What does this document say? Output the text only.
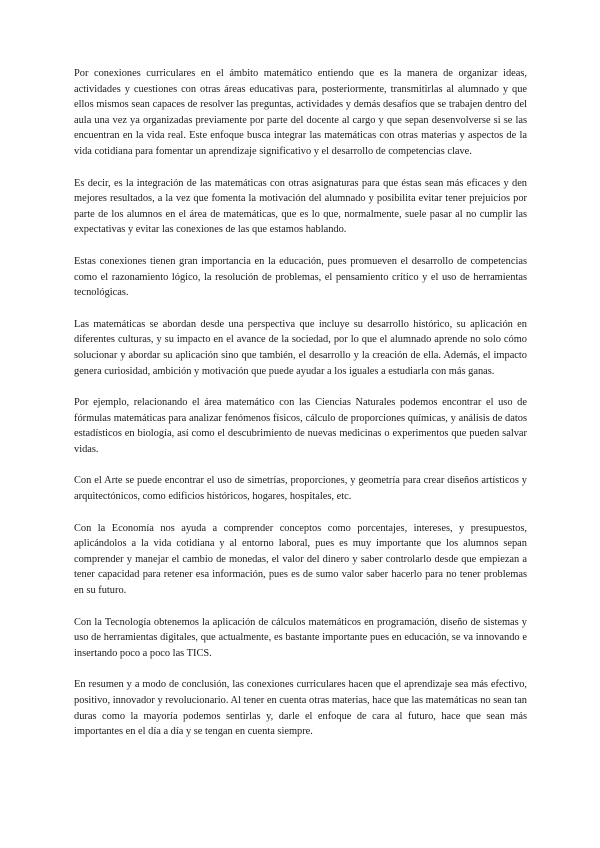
Por conexiones curriculares en el ámbito matemático entiendo que es la manera de organizar ideas, actividades y cuestiones con otras áreas educativas para, posteriormente, transmitirlas al alumnado y que ellos mismos sean capaces de resolver las preguntas, actividades y demás desafíos que se trabajen dentro del aula una vez ya organizadas previamente por parte del docente al cargo y que sepan desenvolverse si se las encuentran en la vida real. Este enfoque busca integrar las matemáticas con otras materias y aspectos de la vida cotidiana para fomentar un aprendizaje significativo y el desarrollo de competencias clave.

Es decir, es la integración de las matemáticas con otras asignaturas para que éstas sean más eficaces y den mejores resultados, a la vez que fomenta la motivación del alumnado y posibilita evitar tener prejuicios por parte de los alumnos en el área de matemáticas, que es lo que, normalmente, suele pasar al no cumplir las expectativas y evitar las conexiones de las que estamos hablando.

Estas conexiones tienen gran importancia en la educación, pues promueven el desarrollo de competencias como el razonamiento lógico, la resolución de problemas, el pensamiento crítico y el uso de herramientas tecnológicas.

Las matemáticas se abordan desde una perspectiva que incluye su desarrollo histórico, su aplicación en diferentes culturas, y su impacto en el avance de la sociedad, por lo que el alumnado aprende no solo cómo solucionar y abordar su aplicación sino que también, el desarrollo y la creación de ella. Además, el impacto genera curiosidad, ambición y motivación que puede ayudar a los iguales a estudiarla con más ganas.

Por ejemplo, relacionando el área matemático con las Ciencias Naturales podemos encontrar el uso de fórmulas matemáticas para analizar fenómenos físicos, cálculo de proporciones químicas, y análisis de datos estadísticos en biología, así como el descubrimiento de nuevas medicinas o experimentos que pueden salvar vidas.

Con el Arte se puede encontrar el uso de simetrías, proporciones, y geometría para crear diseños artísticos y arquitectónicos, como edificios históricos, hogares, hospitales, etc.

Con la Economía nos ayuda a comprender conceptos como porcentajes, intereses, y presupuestos, aplicándolos a la vida cotidiana y al entorno laboral, pues es muy importante que los alumnos sepan comprender y manejar el cambio de monedas, el valor del dinero y saber controlarlo desde que empiezan a tener capacidad para retener esa información, pues es de sumo valor saber hacerlo para no tener problemas en su futuro.

Con la Tecnología obtenemos la aplicación de cálculos matemáticos en programación, diseño de sistemas y uso de herramientas digitales, que actualmente, es bastante importante pues en educación, se va innovando e insertando poco a poco las TICS.

En resumen y a modo de conclusión, las conexiones curriculares hacen que el aprendizaje sea más efectivo, positivo, innovador y revolucionario. Al tener en cuenta otras materias, hace que las matemáticas no sean tan duras como la mayoría podemos sentirlas y, darle el enfoque de cara al futuro, hace que sean más importantes en el día a día y se tengan en cuenta siempre.
